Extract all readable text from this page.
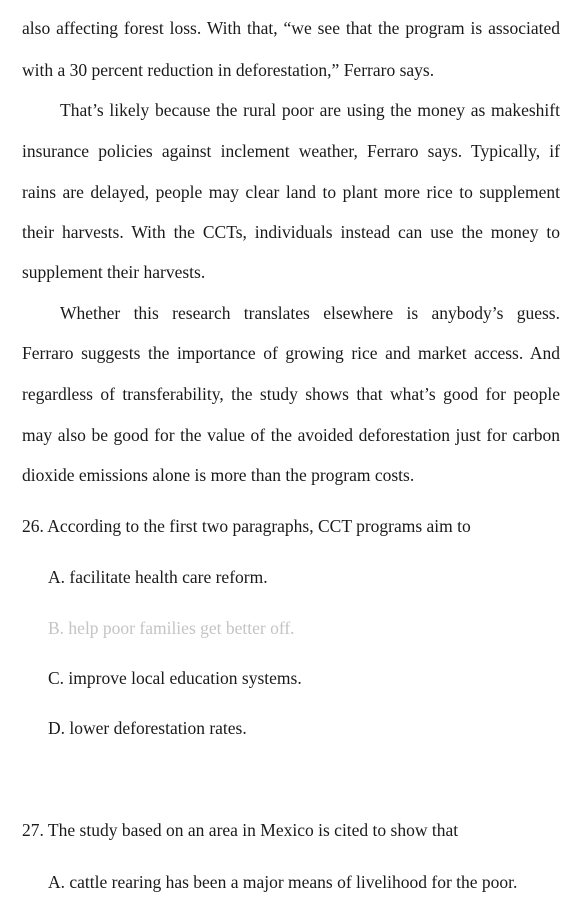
also affecting forest loss. With that, “we see that the program is associated
with a 30 percent reduction in deforestation,” Ferraro says.
That’s likely because the rural poor are using the money as makeshift
insurance policies against inclement weather, Ferraro says. Typically, if
rains are delayed, people may clear land to plant more rice to supplement
their harvests. With the CCTs, individuals instead can use the money to
supplement their harvests.
Whether this research translates elsewhere is anybody’s guess.
Ferraro suggests the importance of growing rice and market access. And
regardless of transferability, the study shows that what’s good for people
may also be good for the value of the avoided deforestation just for carbon
dioxide emissions alone is more than the program costs.
26. According to the first two paragraphs, CCT programs aim to
A. facilitate health care reform.
B. help poor families get better off.
C. improve local education systems.
D. lower deforestation rates.
27. The study based on an area in Mexico is cited to show that
A. cattle rearing has been a major means of livelihood for the poor.
